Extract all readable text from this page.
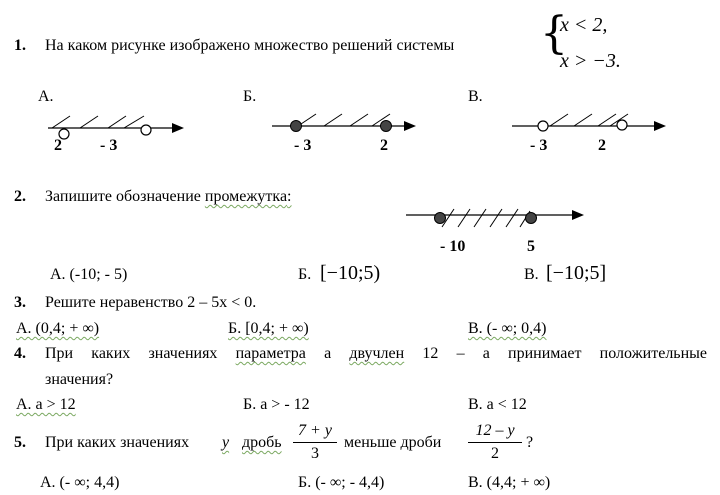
1. На каком рисунке изображено множество решений системы {
x < 2,
x > −3.
А.	Б.	В.
2 - 3	- 3	2	- 3	2
2. Запишите обозначение промежутка:
- 10	5
А. (-10; - 5)	Б. [−10;5)	В. [−10;5]
3. Решите неравенство 2 – 5x < 0.
А. (0,4; + ∞)	Б. [0,4; + ∞)	В. (- ∞; 0,4)
4. При каких значениях параметра а двучлен 12 – а принимает положительные
значения?
А. а > 12	Б. а > - 12	В. а < 12
5. При каких значениях y дробь
7 + y
3
меньше дроби
12 – y
2
?
А. (- ∞; 4,4)	Б. (- ∞; - 4,4)	В. (4,4; + ∞)
